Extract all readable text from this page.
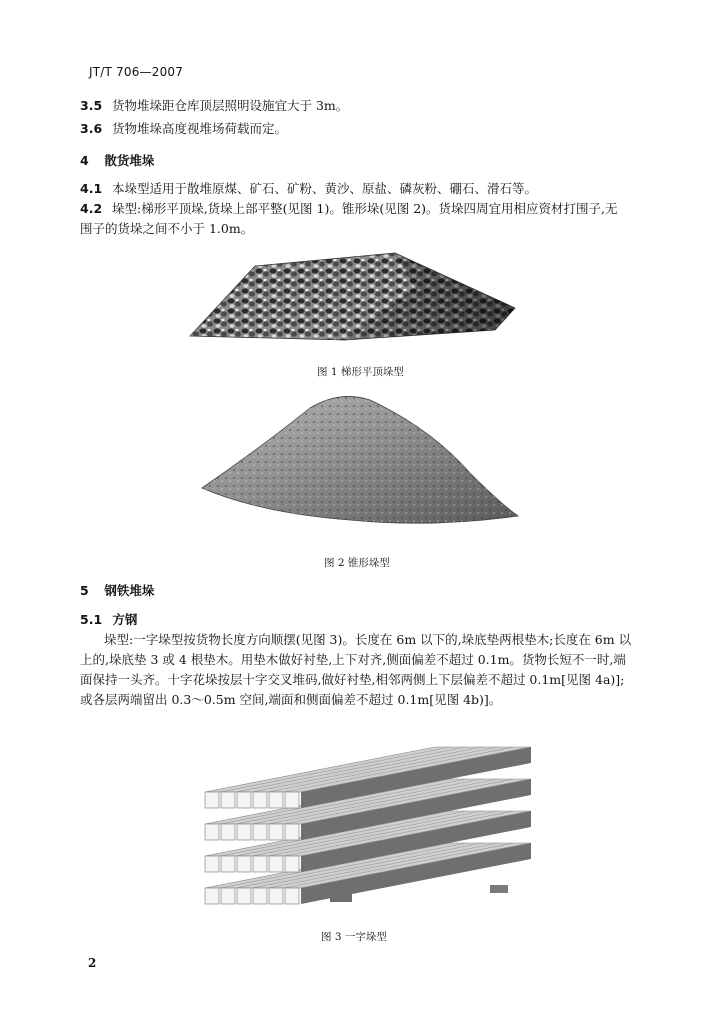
JT/T 706—2007
3.5 货物堆垛距仓库顶层照明设施宜大于 3m。
3.6 货物堆垛高度视堆场荷载而定。
4 散货堆垛
4.1 本垛型适用于散堆原煤、矿石、矿粉、黄沙、原盐、磷灰粉、硼石、滑石等。
4.2 垛型:梯形平顶垛,货垛上部平整(见图 1)。锥形垛(见图 2)。货垛四周宜用相应资材打围子,无
围子的货垛之间不小于 1.0m。
图 1 梯形平顶垛型
图 2 锥形垛型
5 钢铁堆垛
5.1 方钢
垛型:一字垛型按货物长度方向顺摆(见图 3)。长度在 6m 以下的,垛底垫两根垫木;长度在 6m 以
上的,垛底垫 3 或 4 根垫木。用垫木做好衬垫,上下对齐,侧面偏差不超过 0.1m。货物长短不一时,端
面保持一头齐。十字花垛按层十字交叉堆码,做好衬垫,相邻两侧上下层偏差不超过 0.1m[见图 4a)];
或各层两端留出 0.3～0.5m 空间,端面和侧面偏差不超过 0.1m[见图 4b)]。
图 3 一字垛型
2
